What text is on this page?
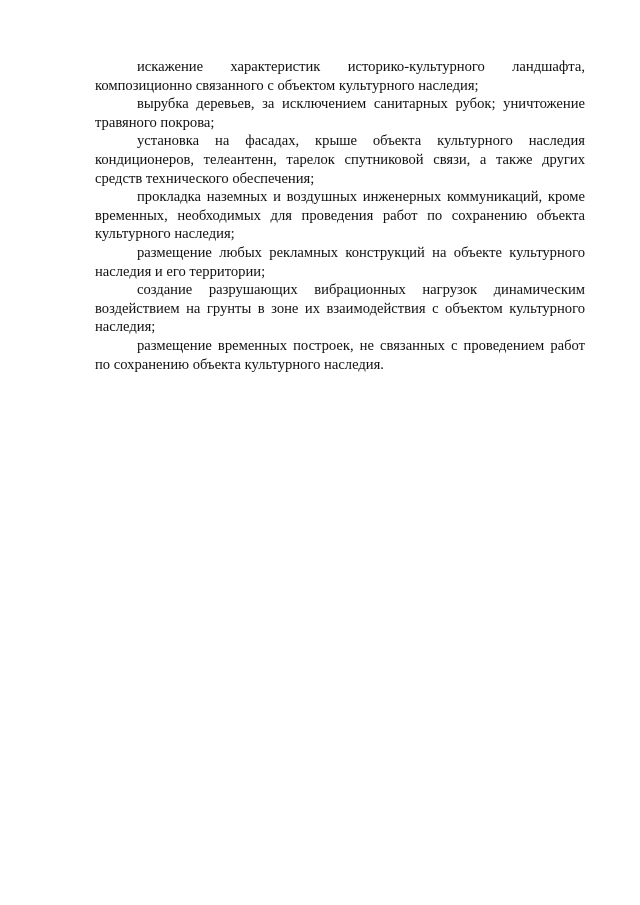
искажение характеристик историко-культурного ландшафта, композиционно связанного с объектом культурного наследия;

вырубка деревьев, за исключением санитарных рубок; уничтожение травяного покрова;

установка на фасадах, крыше объекта культурного наследия кондиционеров, телеантенн, тарелок спутниковой связи, а также других средств технического обеспечения;

прокладка наземных и воздушных инженерных коммуникаций, кроме временных, необходимых для проведения работ по сохранению объекта культурного наследия;

размещение любых рекламных конструкций на объекте культурного наследия и его территории;

создание разрушающих вибрационных нагрузок динамическим воздействием на грунты в зоне их взаимодействия с объектом культурного наследия;

размещение временных построек, не связанных с проведением работ по сохранению объекта культурного наследия.
